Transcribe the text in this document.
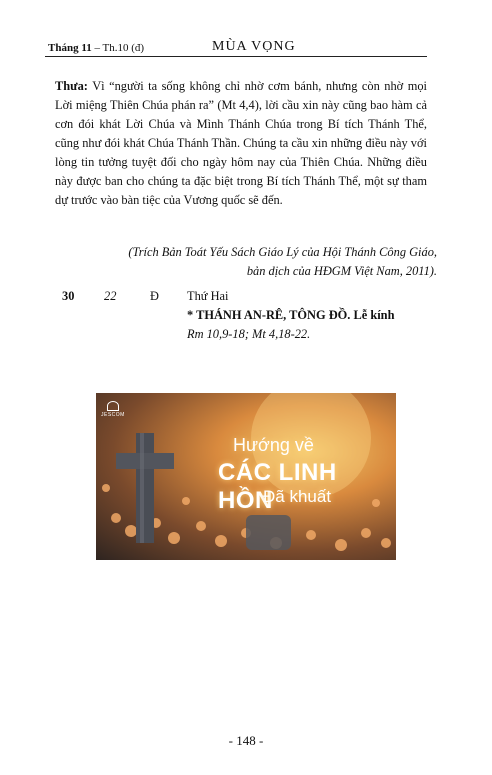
Tháng 11 – Th.10 (đ)	MÙA VỌNG
Thưa: Vì “người ta sống không chỉ nhờ cơm bánh, nhưng còn nhờ mọi Lời miệng Thiên Chúa phán ra” (Mt 4,4), lời cầu xin này cũng bao hàm cả cơn đói khát Lời Chúa và Mình Thánh Chúa trong Bí tích Thánh Thể, cũng như đói khát Chúa Thánh Thần. Chúng ta cầu xin những điều này với lòng tin tưởng tuyệt đối cho ngày hôm nay của Thiên Chúa. Những điều này được ban cho chúng ta đặc biệt trong Bí tích Thánh Thể, một sự tham dự trước vào bàn tiệc của Vương quốc sẽ đến.
(Trích Bản Toát Yếu Sách Giáo Lý của Hội Thánh Công Giáo,
bản dịch của HĐGM Việt Nam, 2011).
30 22	Đ Thứ Hai
* THÁNH AN-RÊ, TÔNG ĐỒ. Lễ kính
Rm 10,9-18; Mt 4,18-22.
JESCOM
Hướng về
CÁC LINH HỒN
Đã khuất
- 148 -
